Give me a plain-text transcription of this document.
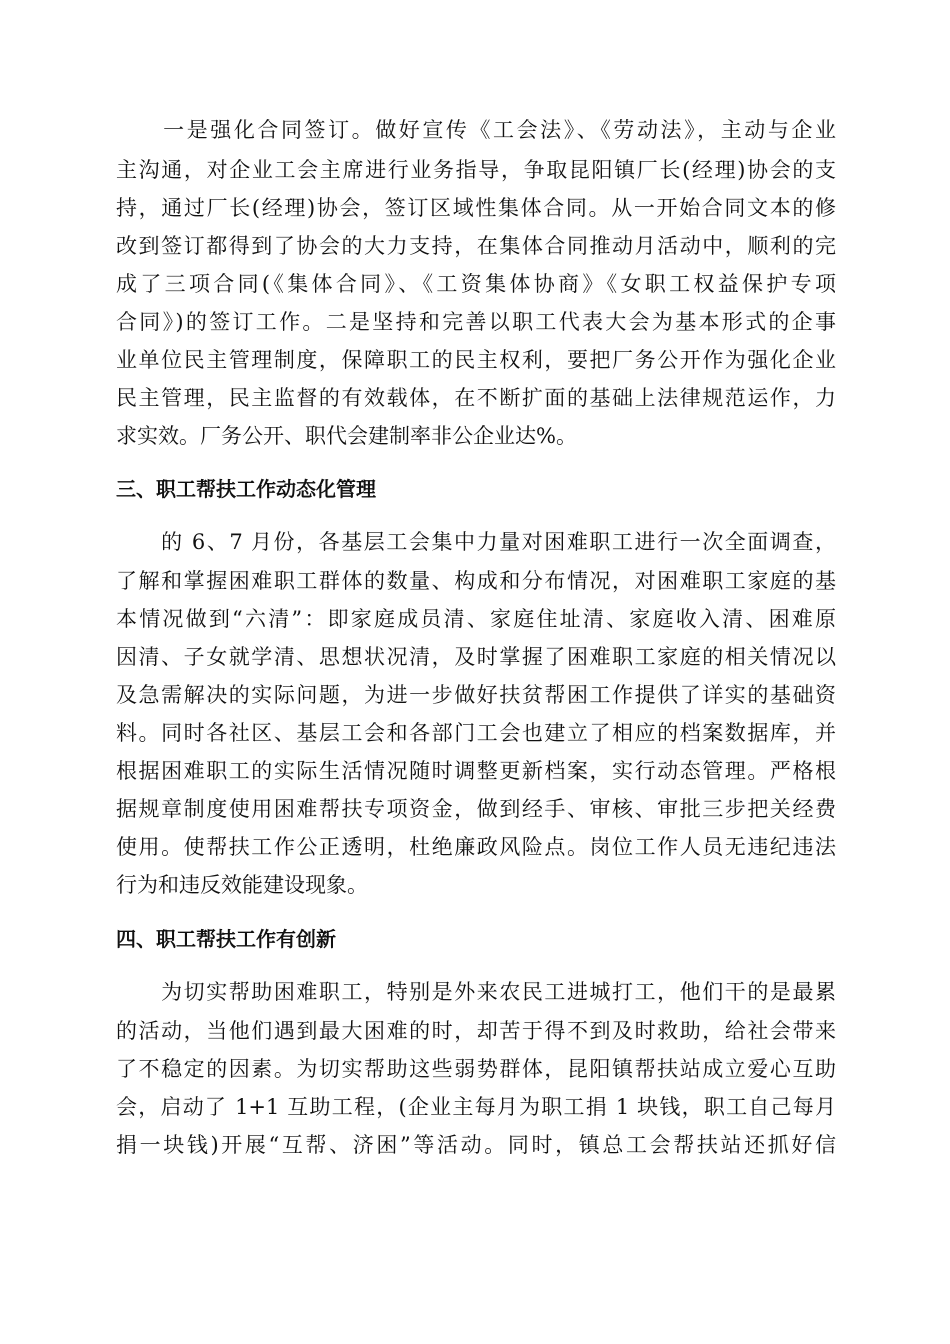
　　一是强化合同签订。做好宣传《工会法》、《劳动法》，主动与企业
主沟通，对企业工会主席进行业务指导，争取昆阳镇厂长(经理)协会的支
持，通过厂长(经理)协会，签订区域性集体合同。从一开始合同文本的修
改到签订都得到了协会的大力支持，在集体合同推动月活动中，顺利的完
成了三项合同(《集体合同》、《工资集体协商》《女职工权益保护专项
合同》)的签订工作。二是坚持和完善以职工代表大会为基本形式的企事
业单位民主管理制度，保障职工的民主权利，要把厂务公开作为强化企业
民主管理，民主监督的有效载体，在不断扩面的基础上法律规范运作，力
求实效。厂务公开、职代会建制率非公企业达%。
三、职工帮扶工作动态化管理
　　的 6、7 月份，各基层工会集中力量对困难职工进行一次全面调查，
了解和掌握困难职工群体的数量、构成和分布情况，对困难职工家庭的基
本情况做到“六清”：即家庭成员清、家庭住址清、家庭收入清、困难原
因清、子女就学清、思想状况清，及时掌握了困难职工家庭的相关情况以
及急需解决的实际问题，为进一步做好扶贫帮困工作提供了详实的基础资
料。同时各社区、基层工会和各部门工会也建立了相应的档案数据库，并
根据困难职工的实际生活情况随时调整更新档案，实行动态管理。严格根
据规章制度使用困难帮扶专项资金，做到经手、审核、审批三步把关经费
使用。使帮扶工作公正透明，杜绝廉政风险点。岗位工作人员无违纪违法
行为和违反效能建设现象。
四、职工帮扶工作有创新
　　为切实帮助困难职工，特别是外来农民工进城打工，他们干的是最累
的活动，当他们遇到最大困难的时，却苦于得不到及时救助，给社会带来
了不稳定的因素。为切实帮助这些弱势群体，昆阳镇帮扶站成立爱心互助
会，启动了 1+1 互助工程，(企业主每月为职工捐 1 块钱，职工自己每月
捐一块钱)开展“互帮、济困”等活动。同时，镇总工会帮扶站还抓好信
